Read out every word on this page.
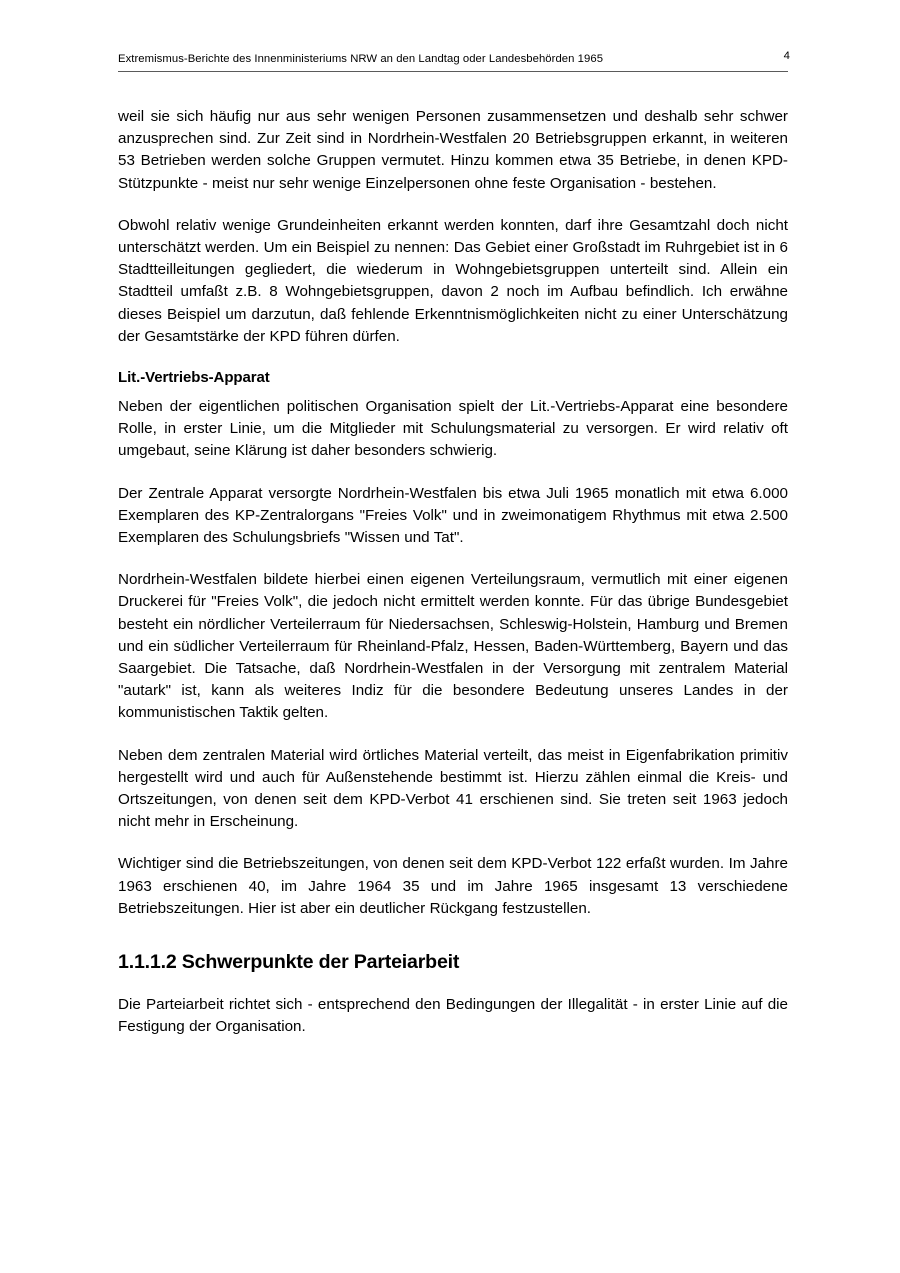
Extremismus-Berichte des Innenministeriums NRW an den Landtag oder Landesbehörden 1965	4

weil sie sich häufig nur aus sehr wenigen Personen zusammensetzen und deshalb sehr schwer anzusprechen sind. Zur Zeit sind in Nordrhein-Westfalen 20 Betriebsgruppen erkannt, in weiteren 53 Betrieben werden solche Gruppen vermutet. Hinzu kommen etwa 35 Betriebe, in denen KPD-Stützpunkte - meist nur sehr wenige Einzelpersonen ohne feste Organisation - bestehen.

Obwohl relativ wenige Grundeinheiten erkannt werden konnten, darf ihre Gesamtzahl doch nicht unterschätzt werden. Um ein Beispiel zu nennen: Das Gebiet einer Großstadt im Ruhrgebiet ist in 6 Stadtteilleitungen gegliedert, die wiederum in Wohngebietsgruppen unterteilt sind. Allein ein Stadtteil umfaßt z.B. 8 Wohngebietsgruppen, davon 2 noch im Aufbau befindlich. Ich erwähne dieses Beispiel um darzutun, daß fehlende Erkenntnismöglichkeiten nicht zu einer Unterschätzung der Gesamtstärke der KPD führen dürfen.

Lit.-Vertriebs-Apparat

Neben der eigentlichen politischen Organisation spielt der Lit.-Vertriebs-Apparat eine besondere Rolle, in erster Linie, um die Mitglieder mit Schulungsmaterial zu versorgen. Er wird relativ oft umgebaut, seine Klärung ist daher besonders schwierig.

Der Zentrale Apparat versorgte Nordrhein-Westfalen bis etwa Juli 1965 monatlich mit etwa 6.000 Exemplaren des KP-Zentralorgans "Freies Volk" und in zweimonatigem Rhythmus mit etwa 2.500 Exemplaren des Schulungsbriefs "Wissen und Tat".

Nordrhein-Westfalen bildete hierbei einen eigenen Verteilungsraum, vermutlich mit einer eigenen Druckerei für "Freies Volk", die jedoch nicht ermittelt werden konnte. Für das übrige Bundesgebiet besteht ein nördlicher Verteilerraum für Niedersachsen, Schleswig-Holstein, Hamburg und Bremen und ein südlicher Verteilerraum für Rheinland-Pfalz, Hessen, Baden-Württemberg, Bayern und das Saargebiet. Die Tatsache, daß Nordrhein-Westfalen in der Versorgung mit zentralem Material "autark" ist, kann als weiteres Indiz für die besondere Bedeutung unseres Landes in der kommunistischen Taktik gelten.

Neben dem zentralen Material wird örtliches Material verteilt, das meist in Eigenfabrikation primitiv hergestellt wird und auch für Außenstehende bestimmt ist. Hierzu zählen einmal die Kreis- und Ortszeitungen, von denen seit dem KPD-Verbot 41 erschienen sind. Sie treten seit 1963 jedoch nicht mehr in Erscheinung.

Wichtiger sind die Betriebszeitungen, von denen seit dem KPD-Verbot 122 erfaßt wurden. Im Jahre 1963 erschienen 40, im Jahre 1964 35 und im Jahre 1965 insgesamt 13 verschiedene Betriebszeitungen. Hier ist aber ein deutlicher Rückgang festzustellen.

1.1.1.2 Schwerpunkte der Parteiarbeit

Die Parteiarbeit richtet sich - entsprechend den Bedingungen der Illegalität - in erster Linie auf die Festigung der Organisation.
